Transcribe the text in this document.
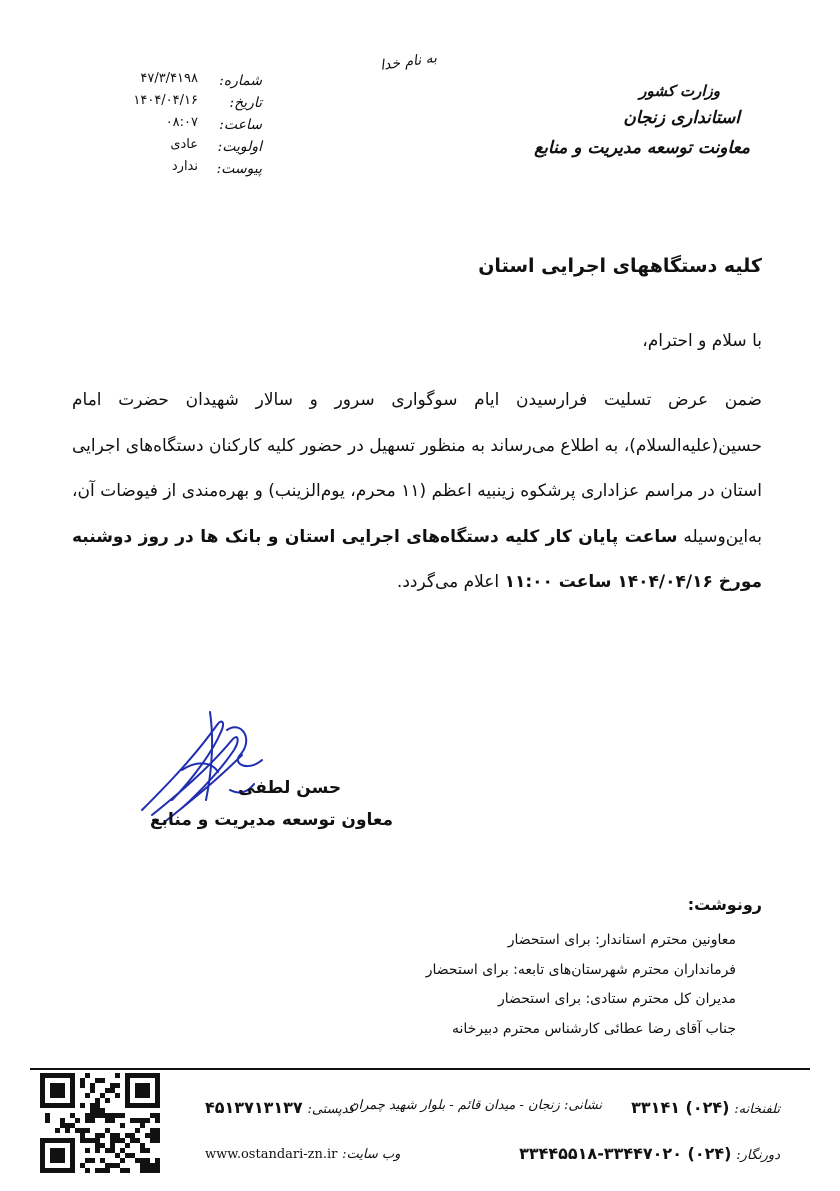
به نام خدا
وزارت کشور
استانداری زنجان
معاونت توسعه مدیریت و منابع
شماره:
تاریخ:
ساعت:
اولویت:
پیوست:
۴۷/۳/۴۱۹۸
۱۴۰۴/۰۴/۱۶
۰۸:۰۷
عادی
ندارد
کلیه دستگاههای اجرایی استان
با سلام و احترام،
ضمن عرض تسلیت فرارسیدن ایام سوگواری سرور و سالار شهیدان حضرت امام حسین(علیه‌السلام)، به اطلاع می‌رساند به منظور تسهیل در حضور کلیه کارکنان دستگاه‌های اجرایی استان در مراسم عزاداری پرشکوه زینبیه اعظم (۱۱ محرم، یوم‌الزینب) و بهره‌مندی از فیوضات آن، به‌این‌وسیله ساعت پایان کار کلیه دستگاه‌های اجرایی استان و بانک ها در روز دوشنبه مورخ ۱۴۰۴/۰۴/۱۶ ساعت ۱۱:۰۰ اعلام می‌گردد.
حسن لطفی
معاون توسعه مدیریت و منابع
رونوشت:
معاونین محترم استاندار: برای استحضار
فرمانداران محترم شهرستان‌های تابعه: برای استحضار
مدیران کل محترم ستادی: برای استحضار
جناب آقای رضا عطائی کارشناس محترم دبیرخانه
تلفنخانه: (۰۲۴) ۳۳۱۴۱
نشانی: زنجان - میدان قائم - بلوار شهید چمران
کدپستی: ۴۵۱۳۷۱۳۱۳۷
دورنگار: (۰۲۴) ۳۳۴۴۷۰۲۰-۳۳۴۴۵۵۱۸
وب سایت: www.ostandari-zn.ir
